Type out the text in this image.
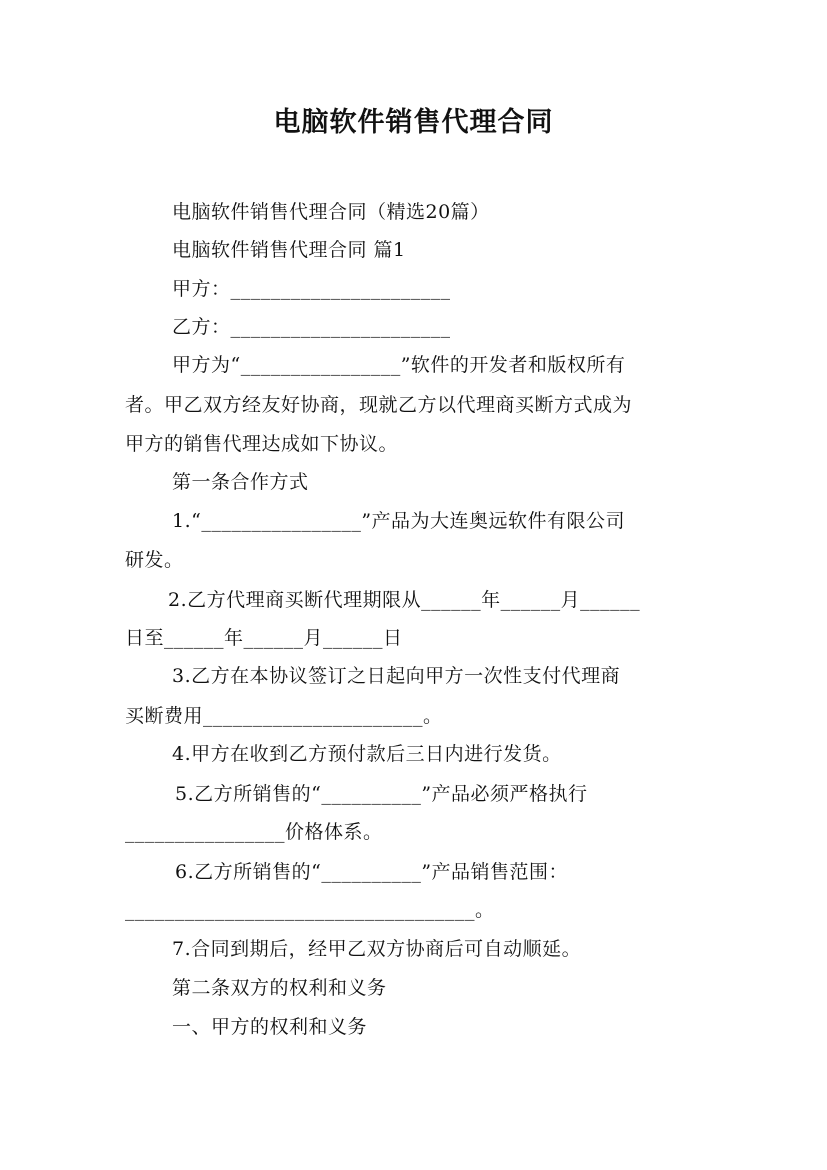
电脑软件销售代理合同
电脑软件销售代理合同（精选20篇）
电脑软件销售代理合同 篇1
甲方：______________________
乙方：______________________
甲方为“________________”软件的开发者和版权所有
者。甲乙双方经友好协商，现就乙方以代理商买断方式成为
甲方的销售代理达成如下协议。
第一条合作方式
1.“________________”产品为大连奥远软件有限公司
研发。
2.乙方代理商买断代理期限从______年______月______
日至______年______月______日
3.乙方在本协议签订之日起向甲方一次性支付代理商
买断费用______________________。
4.甲方在收到乙方预付款后三日内进行发货。
5.乙方所销售的“__________”产品必须严格执行
________________价格体系。
6.乙方所销售的“__________”产品销售范围：
___________________________________。
7.合同到期后，经甲乙双方协商后可自动顺延。
第二条双方的权利和义务
一、甲方的权利和义务
